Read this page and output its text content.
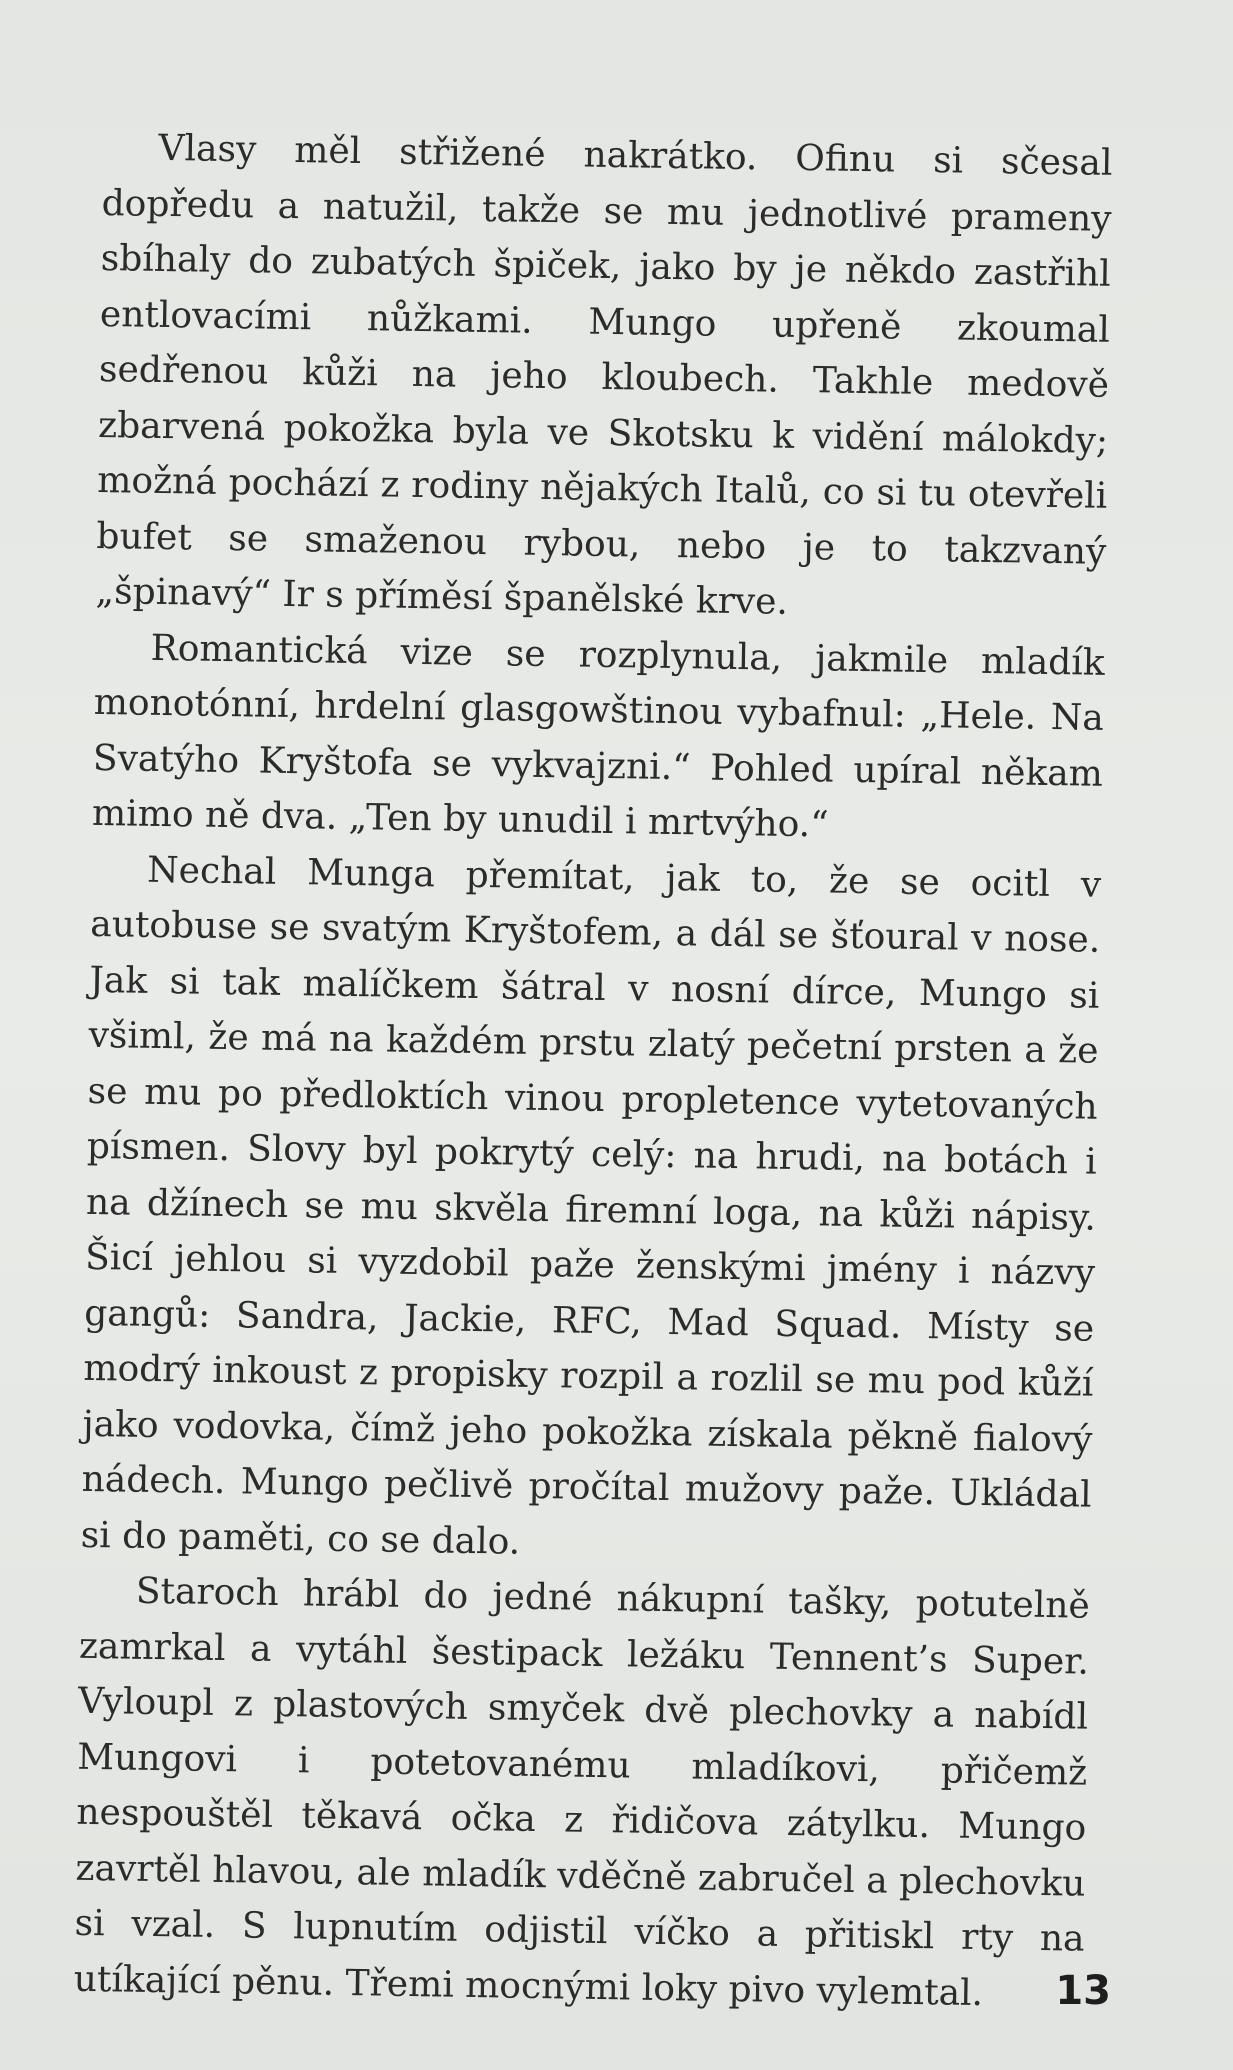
Vlasy měl střižené nakrátko. Ofinu si sčesal dopředu a natužil, takže se mu jednotlivé prameny sbíhaly do zubatých špiček, jako by je někdo zastřihl entlovacími nůžkami. Mungo upřeně zkoumal sedřenou kůži na jeho kloubech. Takhle medově zbarvená pokožka byla ve Skotsku k vidění málokdy; možná pochází z rodiny nějakých Italů, co si tu otevřeli bufet se smaženou rybou, nebo je to takzvaný „špinavý“ Ir s příměsí španělské krve.

Romantická vize se rozplynula, jakmile mladík monotónní, hrdelní glasgowštinou vybafnul: „Hele. Na Svatýho Kryštofa se vykvajzni.“ Pohled upíral někam mimo ně dva. „Ten by unudil i mrtvýho.“

Nechal Munga přemítat, jak to, že se ocitl v autobuse se svatým Kryštofem, a dál se šťoural v nose. Jak si tak malíčkem šátral v nosní dírce, Mungo si všiml, že má na každém prstu zlatý pečetní prsten a že se mu po předloktích vinou propletence vytetovaných písmen. Slovy byl pokrytý celý: na hrudi, na botách i na džínech se mu skvěla firemní loga, na kůži nápisy. Šicí jehlou si vyzdobil paže ženskými jmény i názvy gangů: Sandra, Jackie, RFC, Mad Squad. Místy se modrý inkoust z propisky rozpil a rozlil se mu pod kůží jako vodovka, čímž jeho pokožka získala pěkně fialový nádech. Mungo pečlivě pročítal mužovy paže. Ukládal si do paměti, co se dalo.

Staroch hrábl do jedné nákupní tašky, potutelně zamrkal a vytáhl šestipack ležáku Tennent’s Super. Vyloupl z plastových smyček dvě plechovky a nabídl Mungovi i potetovanému mladíkovi, přičemž nespouštěl těkavá očka z řidičova zátylku. Mungo zavrtěl hlavou, ale mladík vděčně zabručel a plechovku si vzal. S lupnutím odjistil víčko a přitiskl rty na utíkající pěnu. Třemi mocnými loky pivo vylemtal.	13
